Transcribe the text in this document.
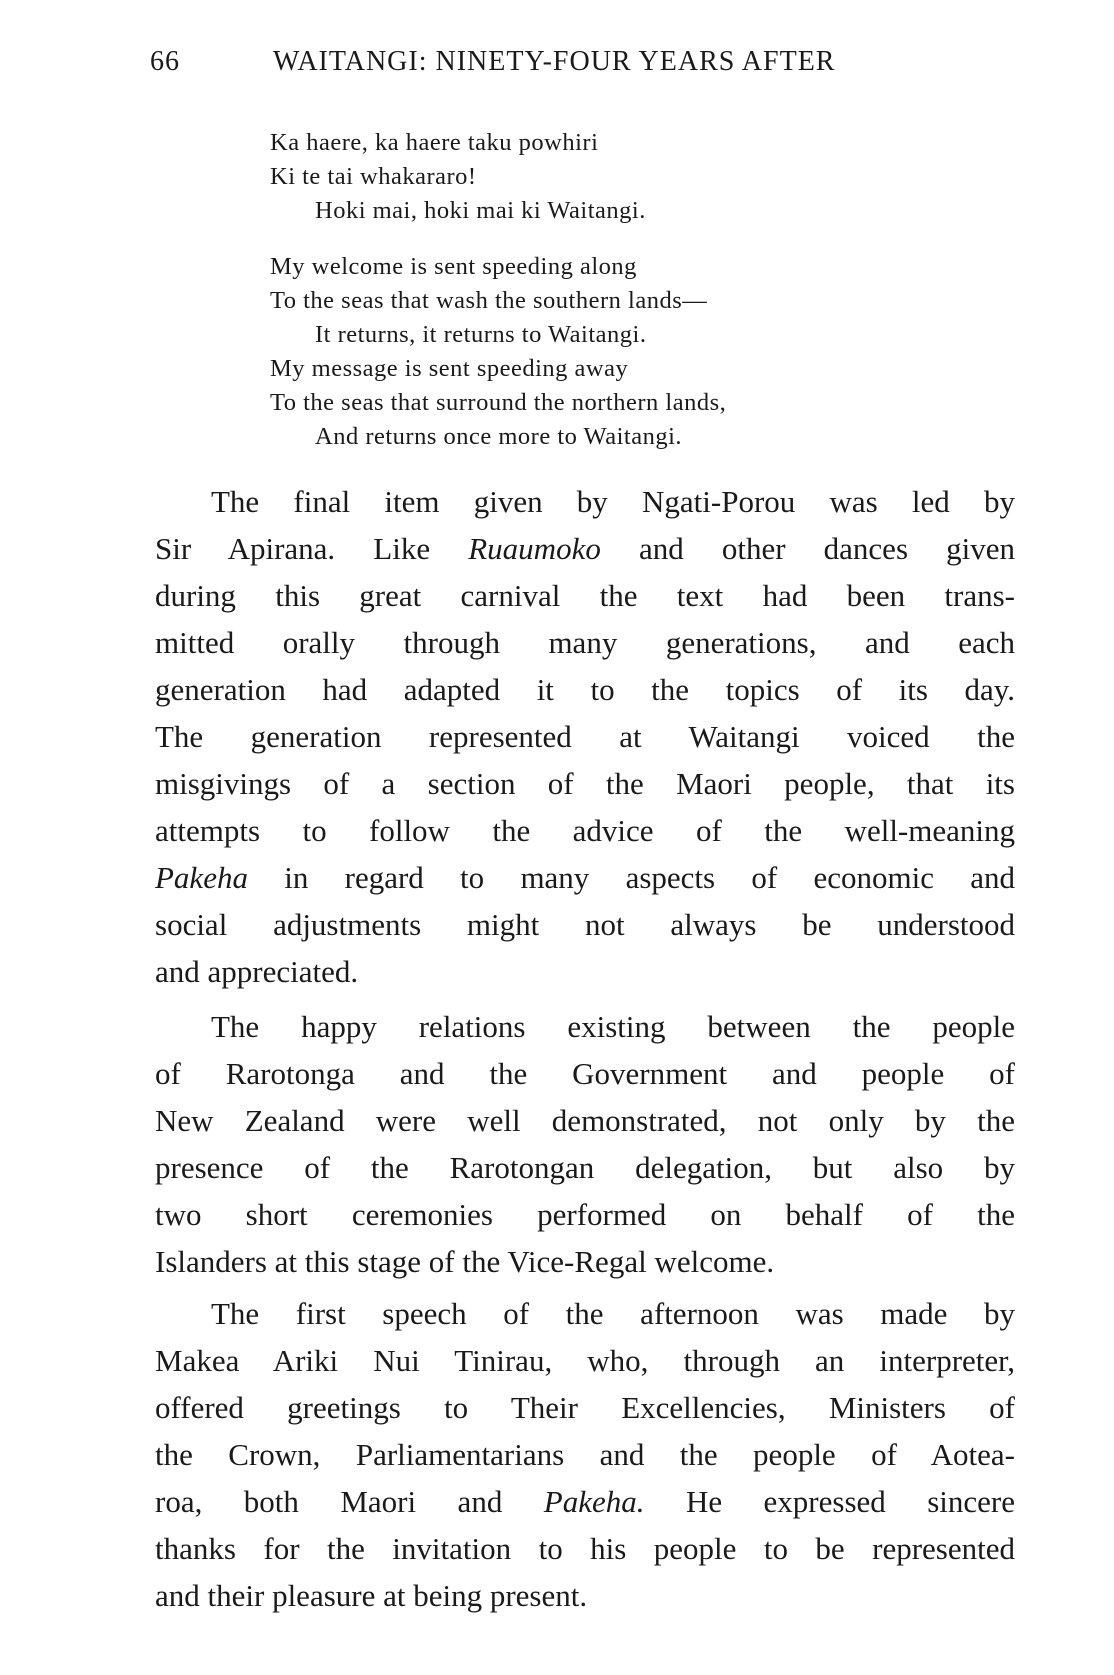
66	WAITANGI: NINETY-FOUR YEARS AFTER
Ka haere, ka haere taku powhiri
Ki te tai whakararo!
Hoki mai, hoki mai ki Waitangi.
My welcome is sent speeding along
To the seas that wash the southern lands—
It returns, it returns to Waitangi.
My message is sent speeding away
To the seas that surround the northern lands,
And returns once more to Waitangi.
The final item given by Ngati-Porou was led by
Sir Apirana. Like Ruaumoko and other dances given
during this great carnival the text had been trans-
mitted orally through many generations, and each
generation had adapted it to the topics of its day.
The generation represented at Waitangi voiced the
misgivings of a section of the Maori people, that its
attempts to follow the advice of the well-meaning
Pakeha in regard to many aspects of economic and
social adjustments might not always be understood
and appreciated.
The happy relations existing between the people
of Rarotonga and the Government and people of
New Zealand were well demonstrated, not only by the
presence of the Rarotongan delegation, but also by
two short ceremonies performed on behalf of the
Islanders at this stage of the Vice-Regal welcome.
The first speech of the afternoon was made by
Makea Ariki Nui Tinirau, who, through an interpreter,
offered greetings to Their Excellencies, Ministers of
the Crown, Parliamentarians and the people of Aotea-
roa, both Maori and Pakeha. He expressed sincere
thanks for the invitation to his people to be represented
and their pleasure at being present.
